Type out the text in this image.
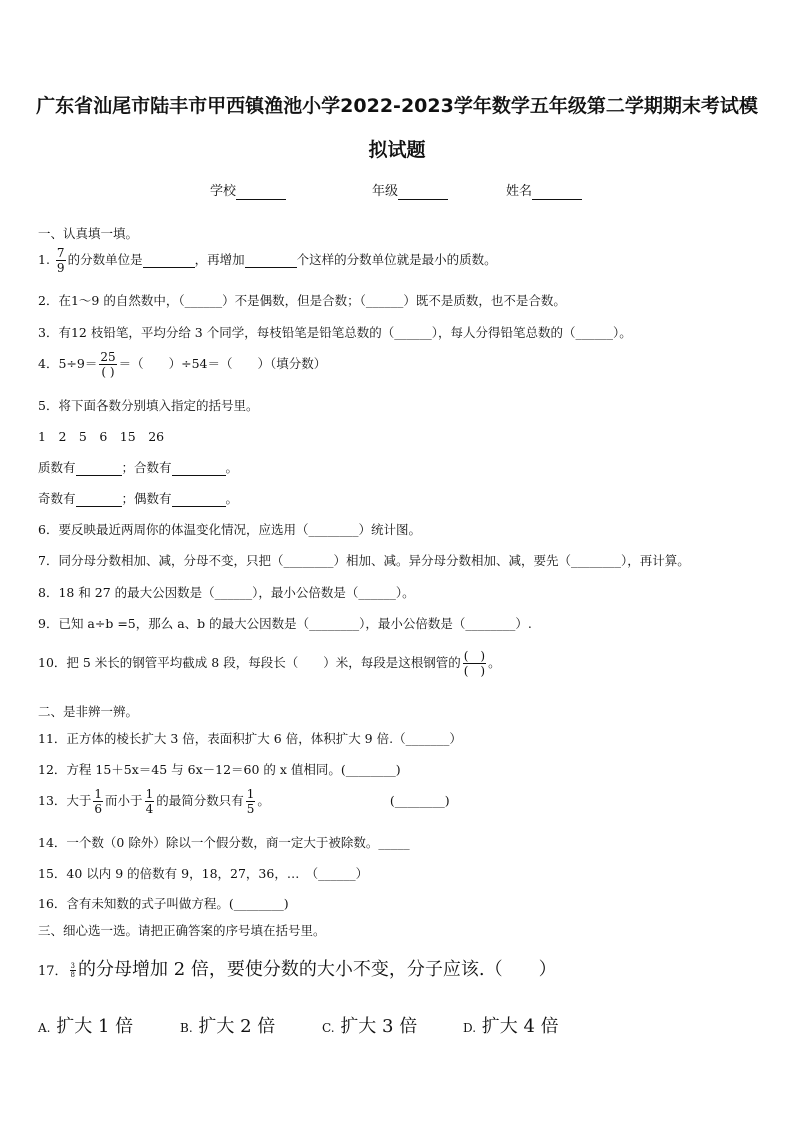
广东省汕尾市陆丰市甲西镇渔池小学2022-2023学年数学五年级第二学期期末考试模
拟试题
学校	年级	姓名
一、认真填一填。
1. $\frac{7}{9}$ 的分数单位是	，再增加	个这样的分数单位就是最小的质数。
2．在1～9 的自然数中，（______）不是偶数，但是合数；（______）既不是质数，也不是合数。
3．有12 枝铅笔，平均分给 3 个同学，每枝铅笔是铅笔总数的（______），每人分得铅笔总数的（______）。
4．$5\div 9= \frac{25}{( )}$ ＝（　　）÷54＝（　　）（填分数）
5．将下面各数分别填入指定的括号里。
1　2　5　6　15　26
质数有	；合数有	。
奇数有	；偶数有	。
6．要反映最近两周你的体温变化情况，应选用（________）统计图。
7．同分母分数相加、减，分母不变，只把（________）相加、减。异分母分数相加、减，要先（________），再计算。
8．18 和 27 的最大公因数是（______），最小公倍数是（______）。
9．已知 a÷b =5，那么 a、b 的最大公因数是（________），最小公倍数是（________）.
10．把 5 米长的钢管平均截成 8 段，每段长（　　）米，每段是这根钢管的 $\frac{( )}{( )}$ 。
二、是非辨一辨。
11．正方体的棱长扩大 3 倍，表面积扩大 6 倍，体积扩大 9 倍.（_______）
12．方程 15＋5x＝45 与 6x－12＝60 的 x 值相同。(________)
13．大于 $\frac{1}{6}$ 而小于 $\frac{1}{4}$ 的最简分数只有 $\frac{1}{5}$ 。	(________)
14．一个数（0 除外）除以一个假分数，商一定大于被除数。_____
15．40 以内 9 的倍数有 9，18，27，36，…　（______）
16．含有未知数的式子叫做方程。(________)
三、细心选一选。请把正确答案的序号填在括号里。
17． $\frac{3}{8}$ 的分母增加 2 倍，要使分数的大小不变，分子应该.（　　）
A. 扩大 1 倍	B. 扩大 2 倍	C. 扩大 3 倍	D. 扩大 4 倍
